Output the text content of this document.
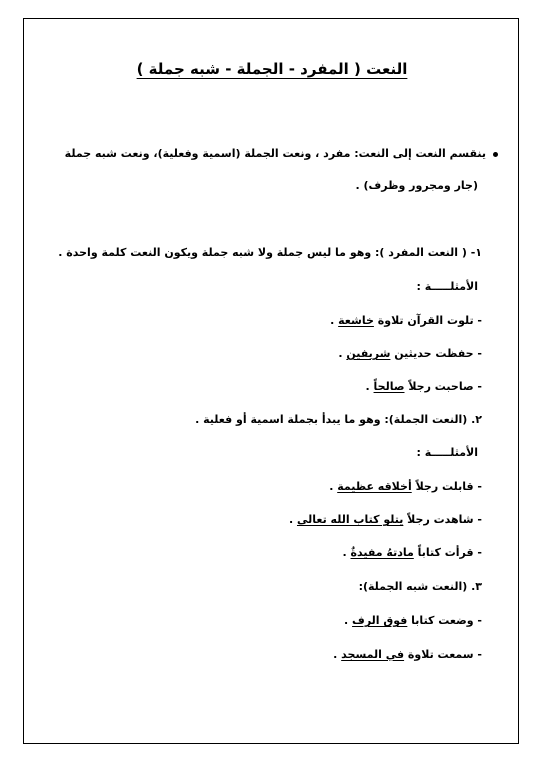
النعت ( المفرد - الجملة - شبه جملة )
ينقسم النعت إلى النعت: مفرد ، ونعت الجملة (اسمية وفعلية)، ونعت شبه جملة
(جار ومجرور وظرف) .
١- ( النعت المفرد ): وهو ما ليس جملة ولا شبه جملة ويكون النعت كلمة واحدة .
الأمثلـــــة :
- تلوت القرآن تلاوة خاشعة .
- حفظت حديثين شريفين .
- صاحبت رجلاً صالحاً .
٢. (النعت الجملة): وهو ما يبدأ بجملة اسمية أو فعلية .
الأمثلـــــة :
- قابلت رجلاً أخلاقه عظيمة .
- شاهدت رجلاً يتلو كتاب الله تعالى .
- قرأت كتاباً مادتهُ مفيدةٌ .
٣. (النعت شبه الجملة):
- وضعت كتابا فوق الرف .
- سمعت تلاوة في المسجد .
